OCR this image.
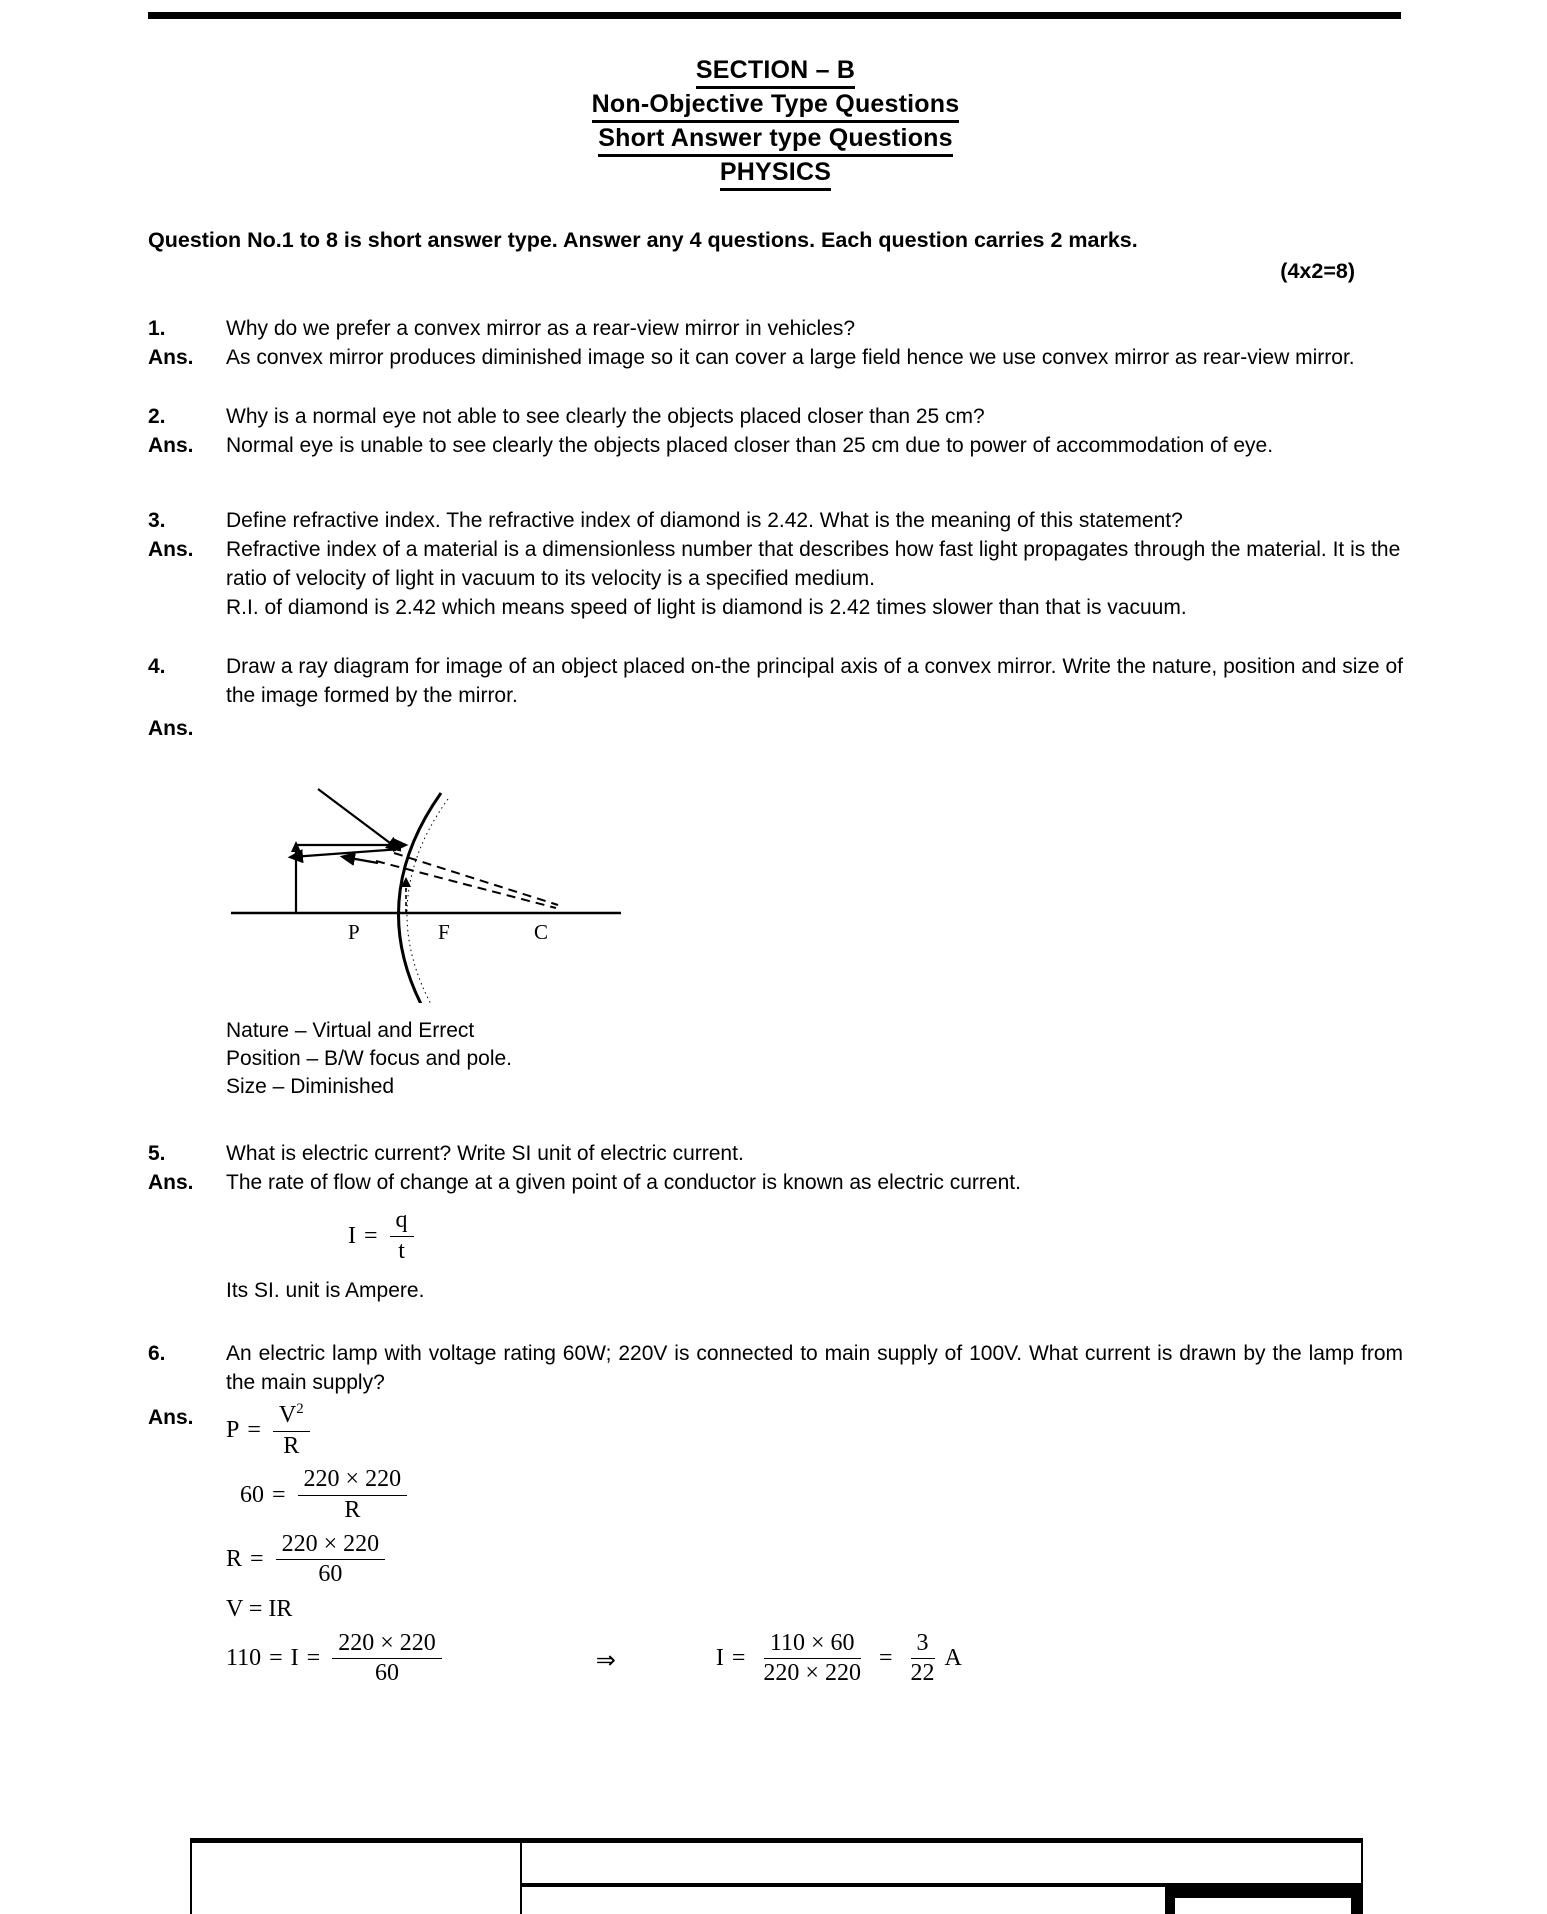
SECTION – B
Non-Objective Type Questions
Short Answer type Questions
PHYSICS
Question No.1 to 8 is short answer type. Answer any 4 questions. Each question carries 2 marks.
(4x2=8)
1.	Why do we prefer a convex mirror as a rear-view mirror in vehicles?
Ans.	As convex mirror produces diminished image so it can cover a large field hence we use convex mirror as rear-view mirror.
2.	Why is a normal eye not able to see clearly the objects placed closer than 25 cm?
Ans.	Normal eye is unable to see clearly the objects placed closer than 25 cm due to power of accommodation of eye.
3.	Define refractive index. The refractive index of diamond is 2.42. What is the meaning of this statement?
Ans.	Refractive index of a material is a dimensionless number that describes how fast light propagates through the material. It is the ratio of velocity of light in vacuum to its velocity is a specified medium.
R.I. of diamond is 2.42 which means speed of light is diamond is 2.42 times slower than that is vacuum.
4.	Draw a ray diagram for image of an object placed on-the principal axis of a convex mirror. Write the nature, position and size of the image formed by the mirror.
Ans.
P	F	C
Nature – Virtual and Errect
Position – B/W focus and pole.
Size – Diminished
5.	What is electric current? Write SI unit of electric current.
Ans.	The rate of flow of change at a given point of a conductor is known as electric current.
$I = \frac{q}{t}$
Its SI. unit is Ampere.
6.	An electric lamp with voltage rating 60W; 220V is connected to main supply of 100V. What current is drawn by the lamp from the main supply?
Ans.	$P = \frac{V^2}{R}$
$60 = \frac{220 \times 220}{R}$
$R = \frac{220 \times 220}{60}$
V = IR
$110 = I = \frac{220 \times 220}{60}$	⇒	$I = \frac{110 \times 60}{220 \times 220} = \frac{3}{22}$ A
